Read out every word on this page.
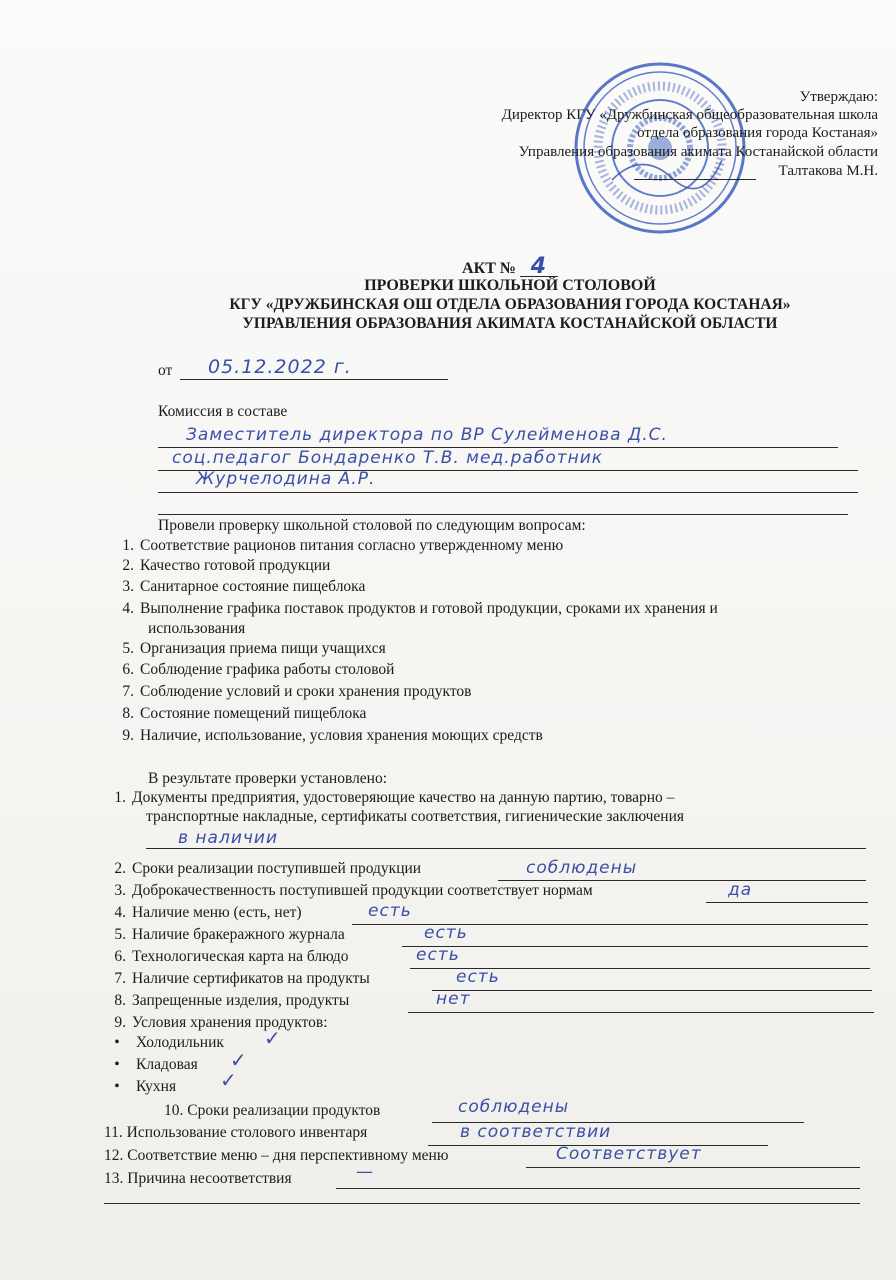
Утверждаю:
Директор КГУ «Дружбинская общеобразовательная школа
отдела образования города Костаная»
Управления образования акимата Костанайской области
Талтакова М.Н.
АКТ № 4
ПРОВЕРКИ ШКОЛЬНОЙ СТОЛОВОЙ
КГУ «ДРУЖБИНСКАЯ ОШ ОТДЕЛА ОБРАЗОВАНИЯ ГОРОДА КОСТАНАЯ»
УПРАВЛЕНИЯ ОБРАЗОВАНИЯ АКИМАТА КОСТАНАЙСКОЙ ОБЛАСТИ
от 05.12.2022 г.
Комиссия в составе
Заместитель директора по ВР Сулейменова Д.С.
соц.педагог Бондаренко Т.В. мед.работник
Журчелодина А.Р.
Провели проверку школьной столовой по следующим вопросам:
1. Соответствие рационов питания согласно утвержденному меню
2. Качество готовой продукции
3. Санитарное состояние пищеблока
4. Выполнение графика поставок продуктов и готовой продукции, сроками их хранения и
использования
5. Организация приема пищи учащихся
6. Соблюдение графика работы столовой
7. Соблюдение условий и сроки хранения продуктов
8. Состояние помещений пищеблока
9. Наличие, использование, условия хранения моющих средств
В результате проверки установлено:
1. Документы предприятия, удостоверяющие качество на данную партию, товарно –
транспортные накладные, сертификаты соответствия, гигиенические заключения
в наличии
2. Сроки реализации поступившей продукции	соблюдены
3. Доброкачественность поступившей продукции соответствует нормам	да
4. Наличие меню (есть, нет)	есть
5. Наличие бракеражного журнала	есть
6. Технологическая карта на блюдо	есть
7. Наличие сертификатов на продукты	есть
8. Запрещенные изделия, продукты	нет
9. Условия хранения продуктов:
• Холодильник ✓
• Кладовая ✓
• Кухня ✓
10. Сроки реализации продуктов	соблюдены
11. Использование столового инвентаря	в соответствии
12. Соответствие меню – дня перспективному меню	Соответствует
13. Причина несоответствия	—
